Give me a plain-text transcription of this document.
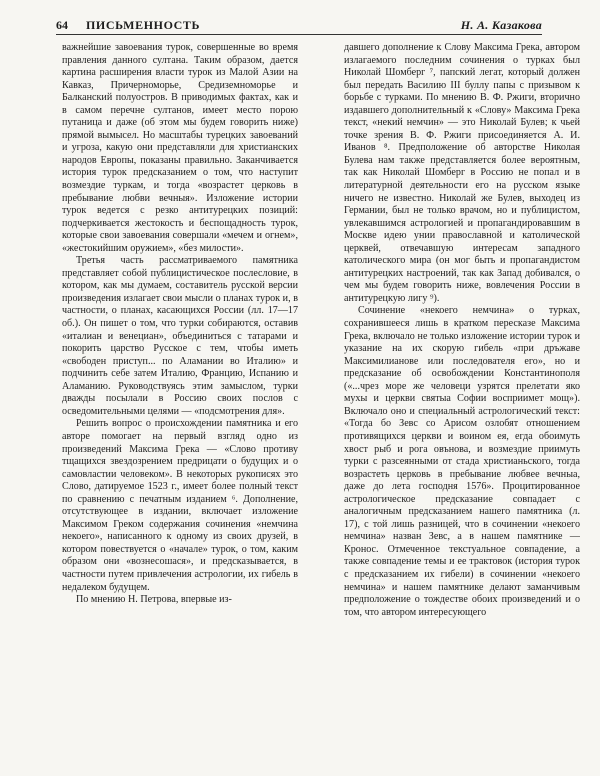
64 ПИСЬМЕННОСТЬ	Н. А. Казакова

важнейшие завоевания турок, совершенные во время правления данного султана. Таким образом, дается картина расширения власти турок из Малой Азии на Кавказ, Причерноморье, Средиземноморье и Балканский полуостров. В приводимых фактах, как и в самом перечне султанов, имеет место порою путаница и даже (об этом мы будем говорить ниже) прямой вымысел. Но масштабы турецких завоеваний и угроза, какую они представляли для христианских народов Европы, показаны правильно. Заканчивается история турок предсказанием о том, что наступит возмездие туркам, и тогда «возрастет церковь в пребывание любви вечныя». Изложение истории турок ведется с резко антитурецких позиций: подчеркивается жестокость и беспощадность турок, которые свои завоевания совершали «мечем и огнем», «жестокийшим оружием», «без милости».

Третья часть рассматриваемого памятника представляет собой публицистическое послесловие, в котором, как мы думаем, составитель русской версии произведения излагает свои мысли о планах турок и, в частности, о планах, касающихся России (лл. 17—17 об.). Он пишет о том, что турки собираются, оставив «италиан и венециан», объединиться с татарами и покорить царство Русское с тем, чтобы иметь «свободен приступ... по Аламании во Италию» и подчинить себе затем Италию, Францию, Испанию и Аламанию. Руководствуясь этим замыслом, турки дважды посылали в Россию своих послов с осведомительными целями — «подсмотрения для».

Решить вопрос о происхождении памятника и его авторе помогает на первый взгляд одно из произведений Максима Грека — «Слово противу тщащихся звездозрением предрицати о будущих и о самовластии человеком». В некоторых рукописях это Слово, датируемое 1523 г., имеет более полный текст по сравнению с печатным изданием ⁶. Дополнение, отсутствующее в издании, включает изложение Максимом Греком содержания сочинения «немчина некоего», написанного к одному из своих друзей, в котором повествуется о «начале» турок, о том, каким образом они «вознесошася», и предсказывается, в частности путем привлечения астрологии, их гибель в недалеком будущем.

По мнению Н. Петрова, впервые из-

давшего дополнение к Слову Максима Грека, автором излагаемого последним сочинения о турках был Николай Шомберг ⁷, папский легат, который должен был передать Василию III буллу папы с призывом к борьбе с турками. По мнению В. Ф. Ржиги, вторично издавшего дополнительный к «Слову» Максима Грека текст, «некий немчин» — это Николай Булев; к чьей точке зрения В. Ф. Ржиги присоединяется А. И. Иванов ⁸. Предположение об авторстве Николая Булева нам также представляется более вероятным, так как Николай Шомберг в Россию не попал и в литературной деятельности его на русском языке ничего не известно. Николай же Булев, выходец из Германии, был не только врачом, но и публицистом, увлекавшимся астрологией и пропагандировавшим в Москве идею унии православной и католической церквей, отвечавшую интересам западного католического мира (он мог быть и пропагандистом антитурецких настроений, так как Запад добивался, о чем мы будем говорить ниже, вовлечения России в антитурецкую лигу ⁹).

Сочинение «некоего немчина» о турках, сохранившееся лишь в кратком пересказе Максима Грека, включало не только изложение истории турок и указание на их скорую гибель «при дръжаве Максимилианове или последователя его», но и предсказание об освобождении Константинополя («...чрез море же человеци узрятся прелетати яко мухы и церкви святыа Софии восприимет мощ»). Включало оно и специальный астрологический текст: «Тогда бо Зевс со Арисом озлобят отношением противящихся церкви и воином ея, егда обоимуть хвост рыб и рога овънова, и возмездие приимуть турки с разсеянными от стада христианьского, тогда возрастеть церковь в пребывание любвее вечныа, даже до лета господня 1576». Процитированное астрологическое предсказание совпадает с аналогичным предсказанием нашего памятника (л. 17), с той лишь разницей, что в сочинении «некоего немчина» назван Зевс, а в нашем памятнике — Кронос. Отмеченное текстуальное совпадение, а также совпадение темы и ее трактовок (история турок с предсказанием их гибели) в сочинении «некоего немчина» и нашем памятнике делают заманчивым предположение о тождестве обоих произведений и о том, что автором интересующего
